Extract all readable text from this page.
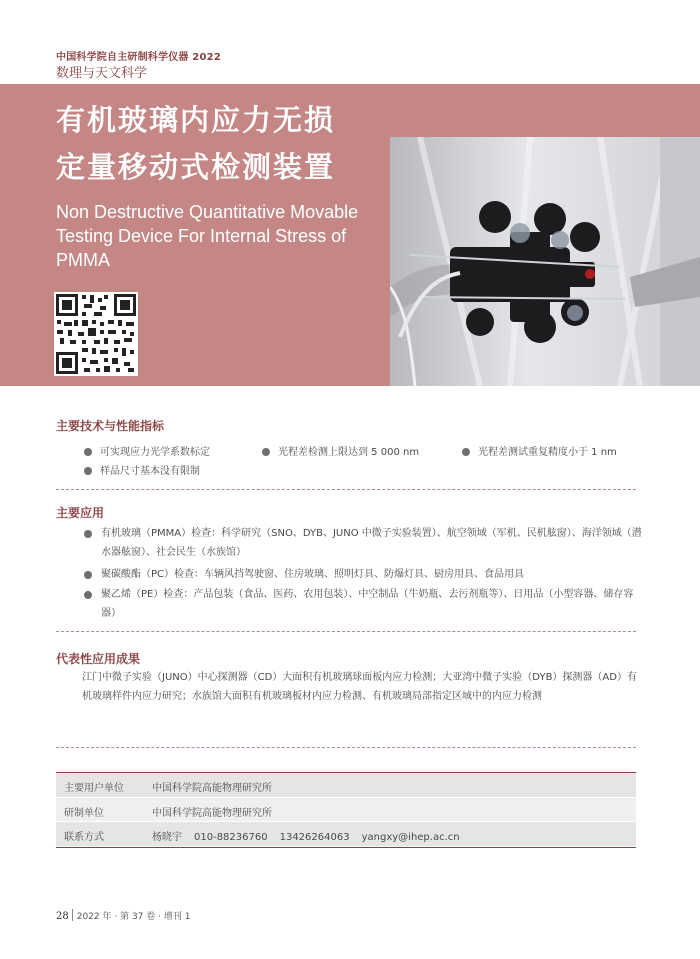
中国科学院自主研制科学仪器 2022
数理与天文科学
有机玻璃内应力无损
定量移动式检测装置
Non Destructive Quantitative Movable Testing Device For Internal Stress of PMMA
主要技术与性能指标
可实现应力光学系数标定	光程差检测上限达到 5 000 nm	光程差测试重复精度小于 1 nm
样品尺寸基本没有限制
主要应用
有机玻璃（PMMA）检查：科学研究（SNO、DYB、JUNO 中微子实验装置）、航空领域（军机、民机舷窗）、海洋领域（潜水器舷窗）、社会民生（水族馆）
聚碳酸酯（PC）检查：车辆风挡驾驶窗、住房玻璃、照明灯具、防爆灯具、厨房用具、食品用具
聚乙烯（PE）检查：产品包装（食品、医药、农用包装）、中空制品（牛奶瓶、去污剂瓶等）、日用品（小型容器、储存容器）
代表性应用成果
江门中微子实验（JUNO）中心探测器（CD）大面积有机玻璃球面板内应力检测；大亚湾中微子实验（DYB）探测器（AD）有机玻璃样件内应力研究；水族馆大面积有机玻璃板材内应力检测、有机玻璃局部指定区域中的内应力检测
主要用户单位	中国科学院高能物理研究所
研制单位	中国科学院高能物理研究所
联系方式	杨晓宇 010-88236760 13426264063 yangxy@ihep.ac.cn
28 2022 年 · 第 37 卷 · 增刊 1
